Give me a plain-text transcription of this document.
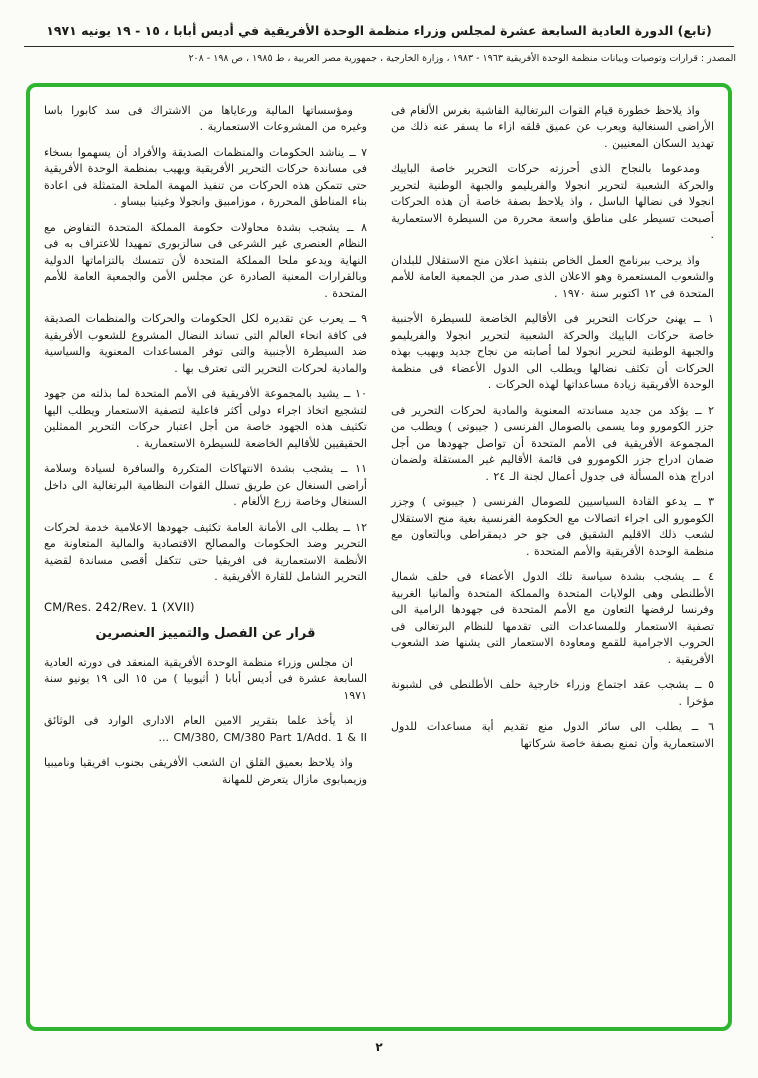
(تابع) الدورة العادية السابعة عشرة لمجلس وزراء منظمة الوحدة الأفريقية في أديس أبابا ، ١٥ - ١٩ يونيه ١٩٧١
المصدر : قرارات وتوصيات وبيانات منظمة الوحدة الأفريقية ١٩٦٣ - ١٩٨٣ ، وزارة الخارجية ، جمهورية مصر العربية ، ط ١٩٨٥ ، ص ١٩٨ - ٢٠٨

واذ يلاحظ خطورة قيام القوات البرتغالية الفاشية بغرس الألغام فى الأراضى السنغالية ويعرب عن عميق قلقه ازاء ما يسفر عنه ذلك من تهديد السكان المعنيين .

ومدعوما بالنجاح الذى أحرزته حركات التحرير خاصة الباييك والحركة الشعبية لتحرير انجولا والفريليمو والجبهة الوطنية لتحرير انجولا فى نضالها الباسل ، واذ يلاحظ بصفة خاصة أن هذه الحركات أصبحت تسيطر على مناطق واسعة محررة من السيطرة الاستعمارية .

واذ يرحب ببرنامج العمل الخاص بتنفيذ اعلان منح الاستقلال للبلدان والشعوب المستعمرة وهو الاعلان الذى صدر من الجمعية العامة للأمم المتحدة فى ١٢ اكتوبر سنة ١٩٧٠ .

١ ــ يهنئ حركات التحرير فى الأقاليم الخاضعة للسيطرة الأجنبية خاصة حركات الباييك والحركة الشعبية لتحرير انجولا والفريليمو والجبهة الوطنية لتحرير انجولا لما أصابته من نجاح جديد ويهيب بهذه الحركات أن تكثف نضالها ويطلب الى الدول الأعضاء فى منظمة الوحدة الأفريقية زيادة مساعداتها لهذه الحركات .

٢ ــ يؤكد من جديد مساندته المعنوية والمادية لحركات التحرير فى جزر الكومورو وما يسمى بالصومال الفرنسى ( جيبوتى ) ويطلب من المجموعة الأفريقية فى الأمم المتحدة أن تواصل جهودها من أجل ضمان ادراج جزر الكومورو فى قائمة الأقاليم غير المستقلة ولضمان ادراج هذه المسألة فى جدول أعمال لجنة الـ ٢٤ .

٣ ــ يدعو القادة السياسيين للصومال الفرنسى ( جيبوتى ) وجزر الكومورو الى اجراء اتصالات مع الحكومة الفرنسية بغية منح الاستقلال لشعب ذلك الاقليم الشقيق فى جو حر ديمقراطى وبالتعاون مع منظمة الوحدة الأفريقية والأمم المتحدة .

٤ ــ يشجب بشدة سياسة تلك الدول الأعضاء فى حلف شمال الأطلنطى وهى الولايات المتحدة والمملكة المتحدة وألمانيا الغربية وفرنسا لرفضها التعاون مع الأمم المتحدة فى جهودها الرامية الى تصفية الاستعمار وللمساعدات التى تقدمها للنظام البرتغالى فى الحروب الاجرامية للقمع ومعاودة الاستعمار التى يشنها ضد الشعوب الأفريقية .

٥ ــ يشجب عقد اجتماع وزراء خارجية حلف الأطلنطى فى لشبونة مؤخرا .

٦ ــ يطلب الى سائر الدول منع تقديم أية مساعدات للدول الاستعمارية وأن تمنع بصفة خاصة شركاتها

ومؤسساتها المالية ورعاياها من الاشتراك فى سد كابورا باسا وغيره من المشروعات الاستعمارية .

٧ ــ يناشد الحكومات والمنظمات الصديقة والأفراد أن يسهموا بسخاء فى مساندة حركات التحرير الأفريقية ويهيب بمنظمة الوحدة الأفريقية حتى تتمكن هذه الحركات من تنفيذ المهمة الملحة المتمثلة فى اعادة بناء المناطق المحررة ، موزامبيق وانجولا وغينيا بيساو .

٨ ــ يشجب بشدة محاولات حكومة المملكة المتحدة التفاوض مع النظام العنصرى غير الشرعى فى سالزبورى تمهيدا للاعتراف به فى النهاية ويدعو ملحا المملكة المتحدة لأن تتمسك بالتزاماتها الدولية وبالقرارات المعنية الصادرة عن مجلس الأمن والجمعية العامة للأمم المتحدة .

٩ ــ يعرب عن تقديره لكل الحكومات والحركات والمنظمات الصديقة فى كافة انحاء العالم التى تساند النضال المشروع للشعوب الأفريقية ضد السيطرة الأجنبية والتى توفر المساعدات المعنوية والسياسية والمادية لحركات التحرير التى تعترف بها .

١٠ ــ يشيد بالمجموعة الأفريقية فى الأمم المتحدة لما بذلته من جهود لتشجيع اتخاذ اجراء دولى أكثر فاعلية لتصفية الاستعمار ويطلب اليها تكثيف هذه الجهود خاصة من أجل اعتبار حركات التحرير الممثلين الحقيقيين للأقاليم الخاضعة للسيطرة الاستعمارية .

١١ ــ يشجب بشدة الانتهاكات المتكررة والسافرة لسيادة وسلامة أراضى السنغال عن طريق تسلل القوات النظامية البرتغالية الى داخل السنغال وخاصة زرع الألغام .

١٢ ــ يطلب الى الأمانة العامة تكثيف جهودها الاعلامية خدمة لحركات التحرير وضد الحكومات والمصالح الاقتصادية والمالية المتعاونة مع الأنظمة الاستعمارية فى افريقيا حتى تتكفل أقصى مساندة لقضية التحرير الشامل للقارة الأفريقية .

CM/Res. 242/Rev. 1 (XVII)
قرار عن الفصل والتمييز العنصرين

ان مجلس وزراء منظمة الوحدة الأفريقية المنعقد فى دورته العادية السابعة عشرة فى أديس أبابا ( أثيوبيا ) من ١٥ الى ١٩ يونيو سنة ١٩٧١

اذ يأخذ علما بتقرير الامين العام الادارى الوارد فى الوثائق CM/380, CM/380 Part 1/Add. 1 & II ...

واذ يلاحظ بعميق القلق ان الشعب الأفريقى بجنوب افريقيا وناميبيا وزيمبابوى مازال يتعرض للمهانة

٢
